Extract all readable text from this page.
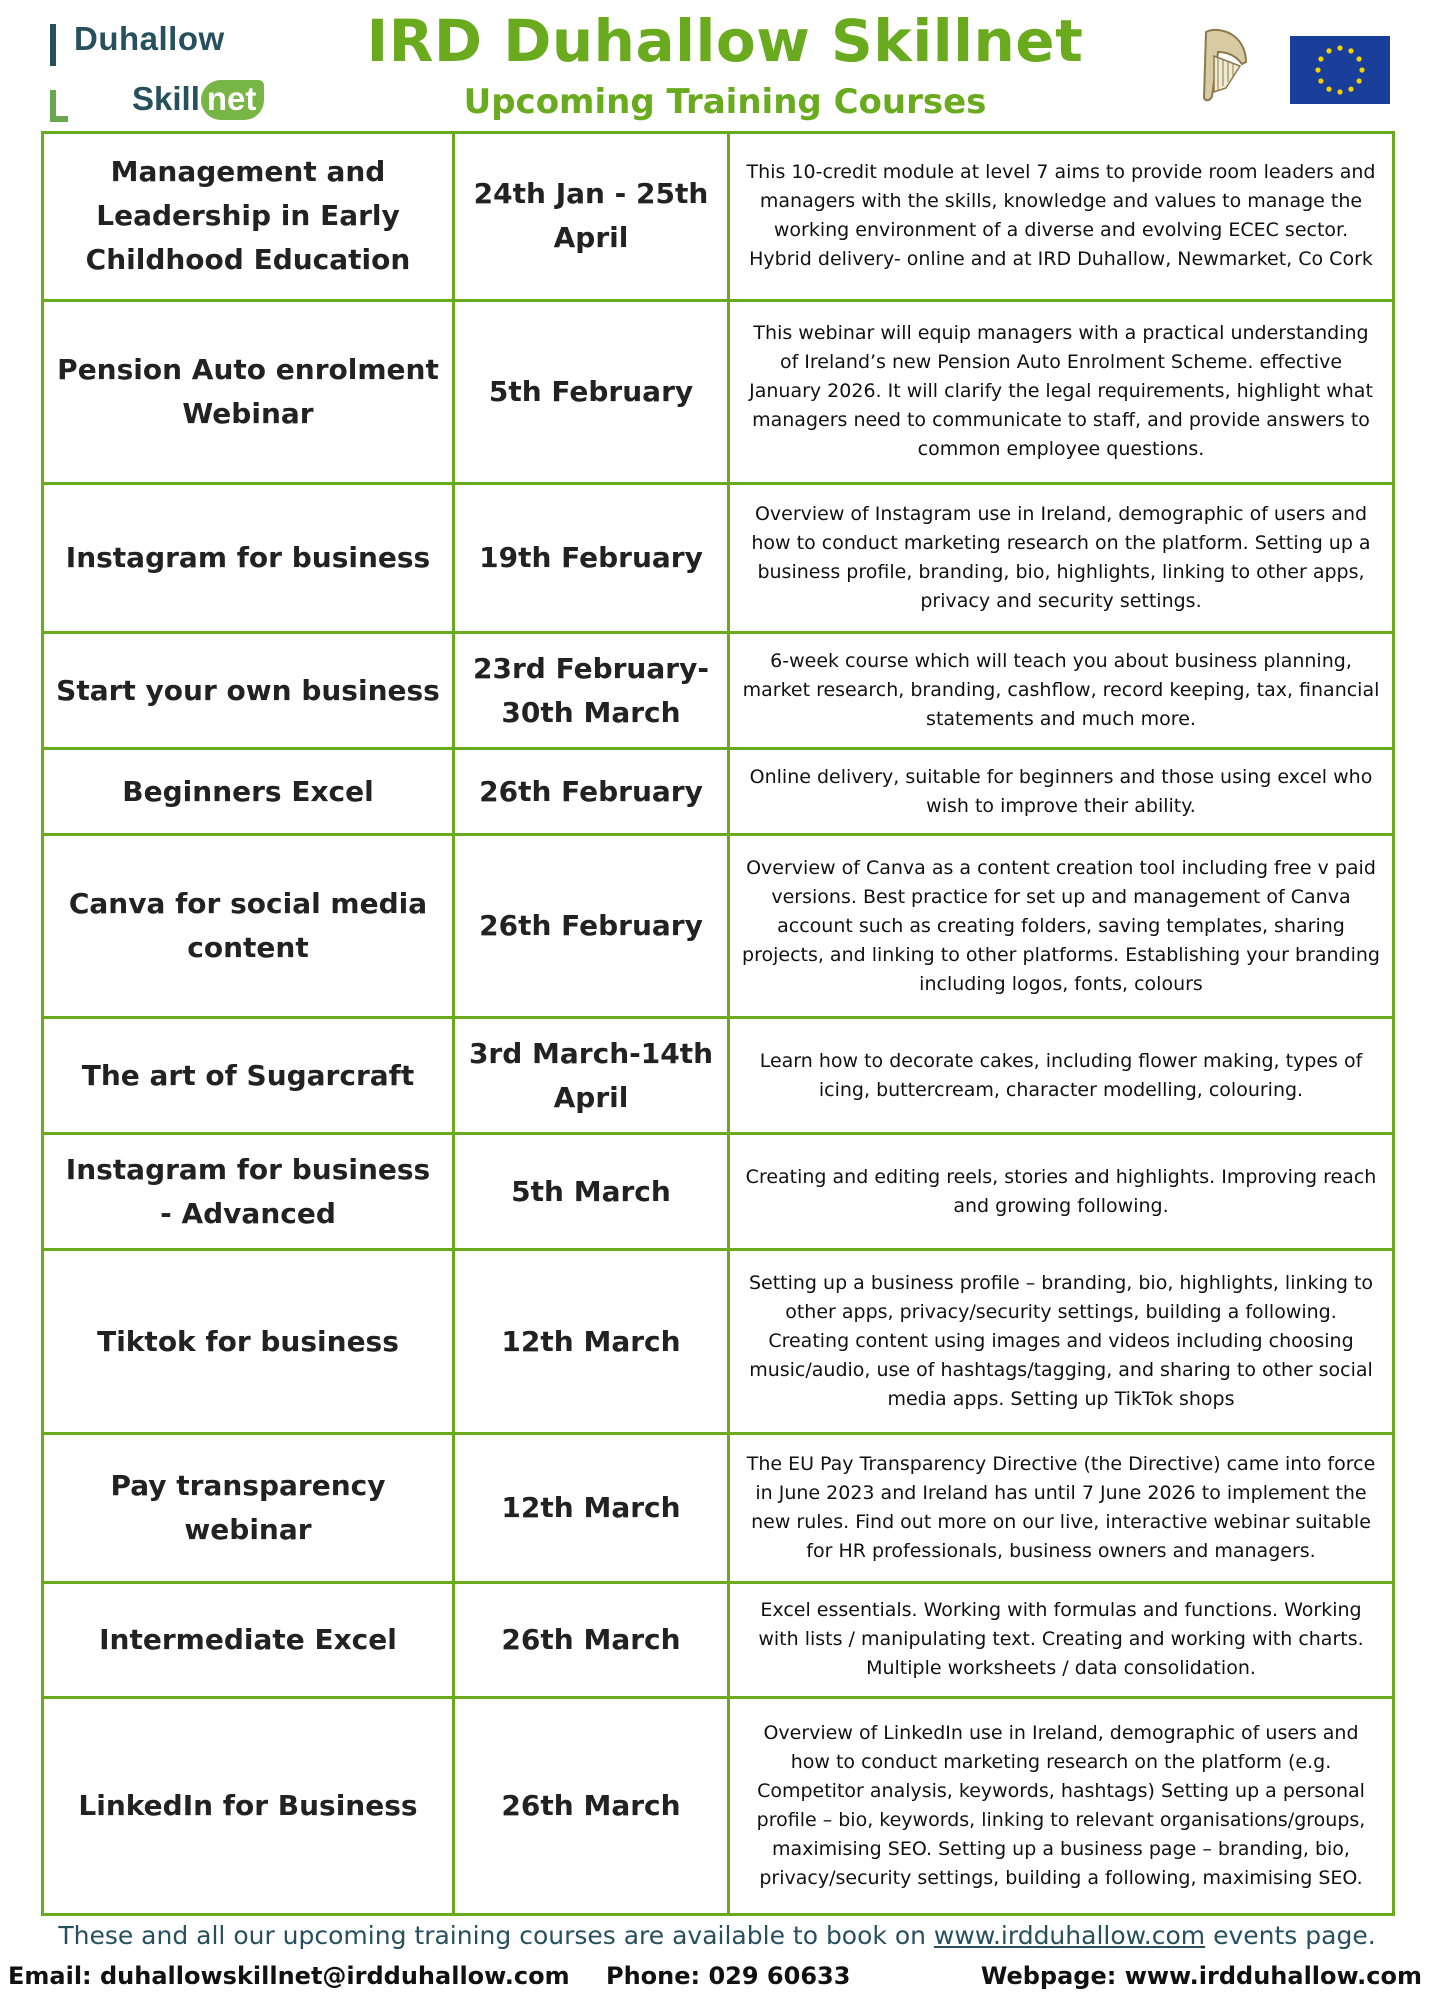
Duhallow
Skill net
IRD Duhallow Skillnet
Upcoming Training Courses
Management and Leadership in Early Childhood Education	24th Jan - 25th April	This 10-credit module at level 7 aims to provide room leaders and managers with the skills, knowledge and values to manage the working environment of a diverse and evolving ECEC sector. Hybrid delivery- online and at IRD Duhallow, Newmarket, Co Cork
Pension Auto enrolment Webinar	5th February	This webinar will equip managers with a practical understanding of Ireland’s new Pension Auto Enrolment Scheme. effective January 2026. It will clarify the legal requirements, highlight what managers need to communicate to staff, and provide answers to common employee questions.
Instagram for business	19th February	Overview of Instagram use in Ireland, demographic of users and how to conduct marketing research on the platform. Setting up a business profile, branding, bio, highlights, linking to other apps, privacy and security settings.
Start your own business	23rd February- 30th March	6-week course which will teach you about business planning, market research, branding, cashflow, record keeping, tax, financial statements and much more.
Beginners Excel	26th February	Online delivery, suitable for beginners and those using excel who wish to improve their ability.
Canva for social media content	26th February	Overview of Canva as a content creation tool including free v paid versions. Best practice for set up and management of Canva account such as creating folders, saving templates, sharing projects, and linking to other platforms. Establishing your branding including logos, fonts, colours
The art of Sugarcraft	3rd March-14th April	Learn how to decorate cakes, including flower making, types of icing, buttercream, character modelling, colouring.
Instagram for business - Advanced	5th March	Creating and editing reels, stories and highlights. Improving reach and growing following.
Tiktok for business	12th March	Setting up a business profile – branding, bio, highlights, linking to other apps, privacy/security settings, building a following. Creating content using images and videos including choosing music/audio, use of hashtags/tagging, and sharing to other social media apps. Setting up TikTok shops
Pay transparency webinar	12th March	The EU Pay Transparency Directive (the Directive) came into force in June 2023 and Ireland has until 7 June 2026 to implement the new rules. Find out more on our live, interactive webinar suitable for HR professionals, business owners and managers.
Intermediate Excel	26th March	Excel essentials. Working with formulas and functions. Working with lists / manipulating text. Creating and working with charts. Multiple worksheets / data consolidation.
LinkedIn for Business	26th March	Overview of LinkedIn use in Ireland, demographic of users and how to conduct marketing research on the platform (e.g. Competitor analysis, keywords, hashtags) Setting up a personal profile – bio, keywords, linking to relevant organisations/groups, maximising SEO. Setting up a business page – branding, bio, privacy/security settings, building a following, maximising SEO.
These and all our upcoming training courses are available to book on www.irdduhallow.com events page.
Email: duhallowskillnet@irdduhallow.com Phone: 029 60633	Webpage: www.irdduhallow.com
